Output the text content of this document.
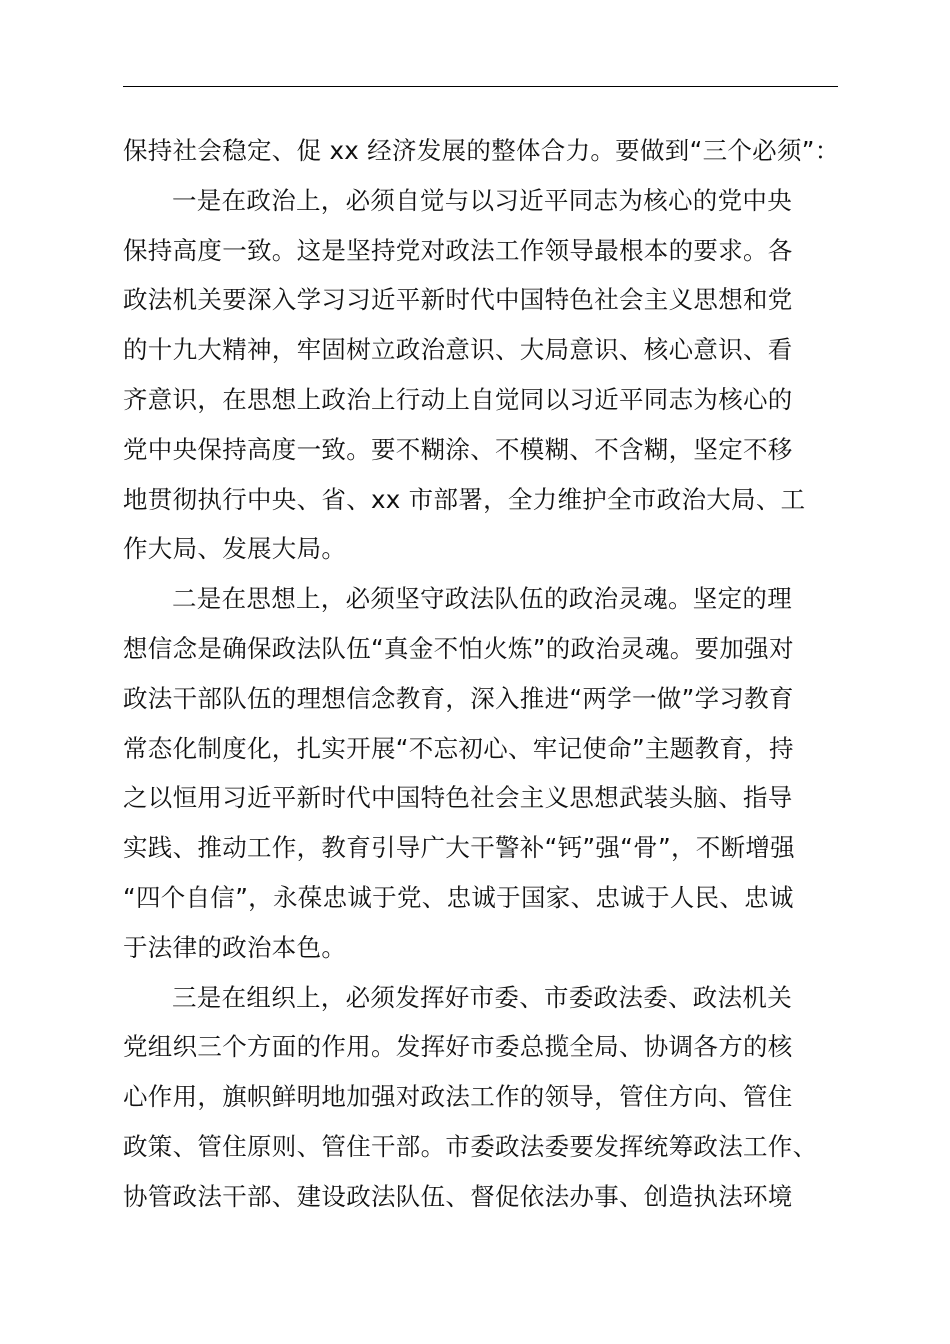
保持社会稳定、促 xx 经济发展的整体合力。要做到“三个必须”：
一是在政治上，必须自觉与以习近平同志为核心的党中央
保持高度一致。这是坚持党对政法工作领导最根本的要求。各
政法机关要深入学习习近平新时代中国特色社会主义思想和党
的十九大精神，牢固树立政治意识、大局意识、核心意识、看
齐意识，在思想上政治上行动上自觉同以习近平同志为核心的
党中央保持高度一致。要不糊涂、不模糊、不含糊，坚定不移
地贯彻执行中央、省、xx 市部署，全力维护全市政治大局、工
作大局、发展大局。
二是在思想上，必须坚守政法队伍的政治灵魂。坚定的理
想信念是确保政法队伍“真金不怕火炼”的政治灵魂。要加强对
政法干部队伍的理想信念教育，深入推进“两学一做”学习教育
常态化制度化，扎实开展“不忘初心、牢记使命”主题教育，持
之以恒用习近平新时代中国特色社会主义思想武装头脑、指导
实践、推动工作，教育引导广大干警补“钙”强“骨”，不断增强
“四个自信”，永葆忠诚于党、忠诚于国家、忠诚于人民、忠诚
于法律的政治本色。
三是在组织上，必须发挥好市委、市委政法委、政法机关
党组织三个方面的作用。发挥好市委总揽全局、协调各方的核
心作用，旗帜鲜明地加强对政法工作的领导，管住方向、管住
政策、管住原则、管住干部。市委政法委要发挥统筹政法工作、
协管政法干部、建设政法队伍、督促依法办事、创造执法环境
